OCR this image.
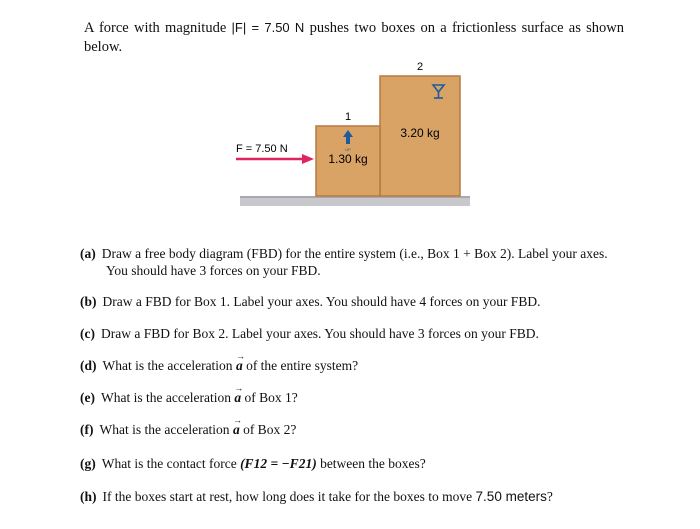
A force with magnitude |F| = 7.50 N pushes two boxes on a frictionless surface as shown below.
2
3.20 kg
1
1.30 kg
UP
F = 7.50 N
(a) Draw a free body diagram (FBD) for the entire system (i.e., Box 1 + Box 2). Label your axes.
You should have 3 forces on your FBD.
(b) Draw a FBD for Box 1. Label your axes. You should have 4 forces on your FBD.
(c) Draw a FBD for Box 2. Label your axes. You should have 3 forces on your FBD.
(d) What is the acceleration → a of the entire system?
(e) What is the acceleration → a of Box 1?
(f) What is the acceleration → a of Box 2?
(g) What is the contact force (F12 = −F21) between the boxes?
(h) If the boxes start at rest, how long does it take for the boxes to move 7.50 meters?
